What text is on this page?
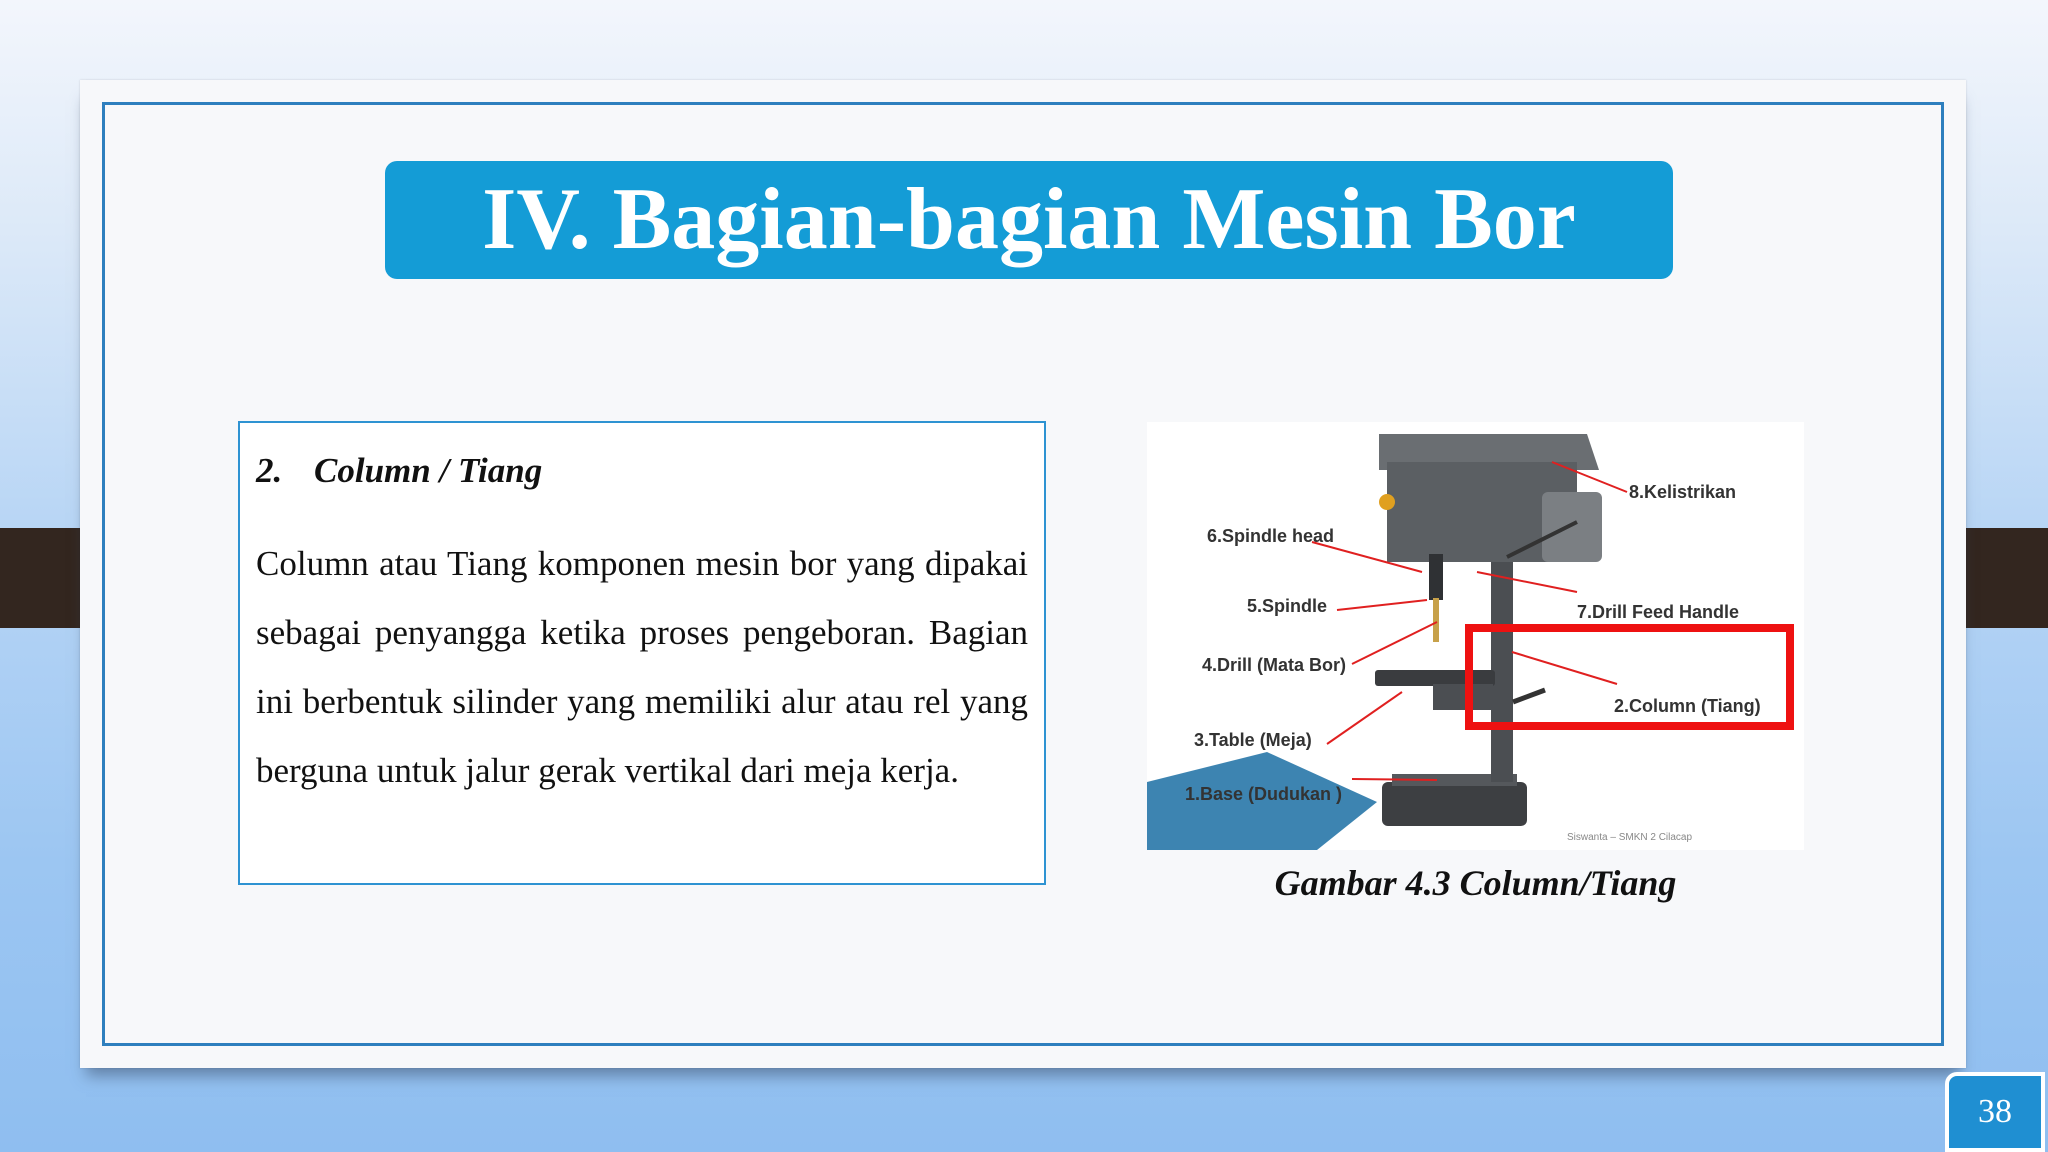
IV. Bagian-bagian Mesin Bor
2. Column / Tiang
Column atau Tiang komponen mesin bor yang dipakai sebagai penyangga ketika proses pengeboran. Bagian ini berbentuk silinder yang memiliki alur atau rel yang berguna untuk jalur gerak vertikal dari meja kerja.
8.Kelistrikan
6.Spindle head
5.Spindle	7.Drill Feed Handle
4.Drill (Mata Bor)
2.Column (Tiang)
3.Table (Meja)
1.Base (Dudukan )
Siswanta – SMKN 2 Cilacap
Gambar 4.3 Column/Tiang
38
